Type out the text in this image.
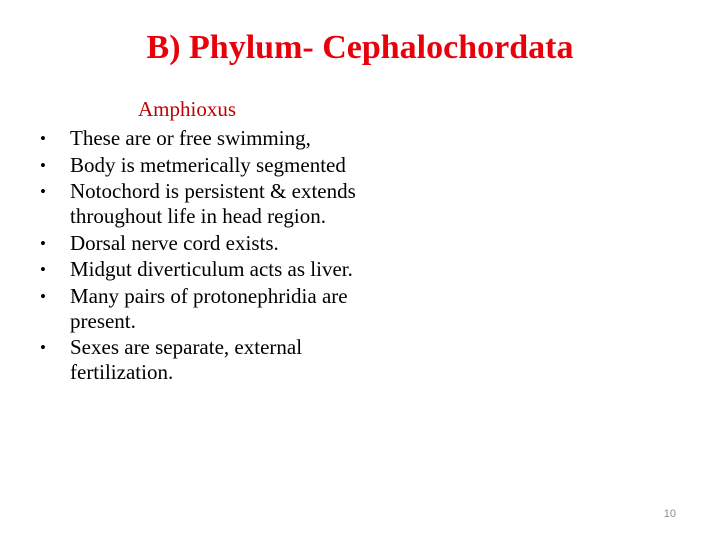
B) Phylum- Cephalochordata
Amphioxus
•	These are or free swimming,
•	Body is metmerically segmented
•	Notochord is persistent & extends throughout life in head region.
•	Dorsal nerve cord exists.
•	Midgut diverticulum acts as liver.
•	Many pairs of protonephridia are present.
•	Sexes are separate, external fertilization.
10
